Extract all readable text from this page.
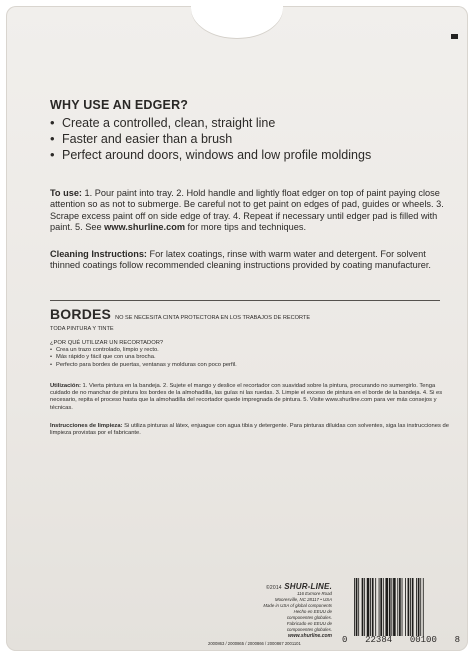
WHY USE AN EDGER?
• Create a controlled, clean, straight line
• Faster and easier than a brush
• Perfect around doors, windows and low profile moldings
To use: 1. Pour paint into tray. 2. Hold handle and lightly float edger on top of paint paying close attention so as not to submerge. Be careful not to get paint on edges of pad, guides or wheels. 3. Scrape excess paint off on side edge of tray. 4. Repeat if necessary until edger pad is filled with paint. 5. See www.shurline.com for more tips and techniques.
Cleaning Instructions: For latex coatings, rinse with warm water and detergent. For solvent thinned coatings follow recommended cleaning instructions provided by coating manufacturer.
BORDES NO SE NECESITA CINTA PROTECTORA EN LOS TRABAJOS DE RECORTE
TODA PINTURA Y TINTE
¿POR QUÉ UTILIZAR UN RECORTADOR?
• Crea un trazo controlado, limpio y recto.
• Más rápido y fácil que con una brocha.
• Perfecto para bordes de puertas, ventanas y molduras con poco perfil.
Utilización: 1. Vierta pintura en la bandeja. 2. Sujete el mango y deslice el recortador con suavidad sobre la pintura, procurando no sumergirlo. Tenga cuidado de no manchar de pintura los bordes de la almohadilla, las guías ni las ruedas. 3. Limpie el exceso de pintura en el borde de la bandeja. 4. Si es necesario, repita el proceso hasta que la almohadilla del recortador quede impregnada de pintura. 5. Visite www.shurline.com para ver más consejos y técnicas.
Instrucciones de limpieza: Si utiliza pinturas al látex, enjuague con agua tibia y detergente. Para pinturas diluidas con solventes, siga las instrucciones de limpieza provistas por el fabricante.
©2014 SHUR-LINE.
116 Exmore Road
Mooresville, NC 28117 • USA
Made in USA of global components
Hecho en EEUU de
componentes globales.
Fabricado en EEUU de
componentes globales.
www.shurline.com 0 22384 00100 8
2000863 / 2000865 / 2000866 / 2000867 2001101
